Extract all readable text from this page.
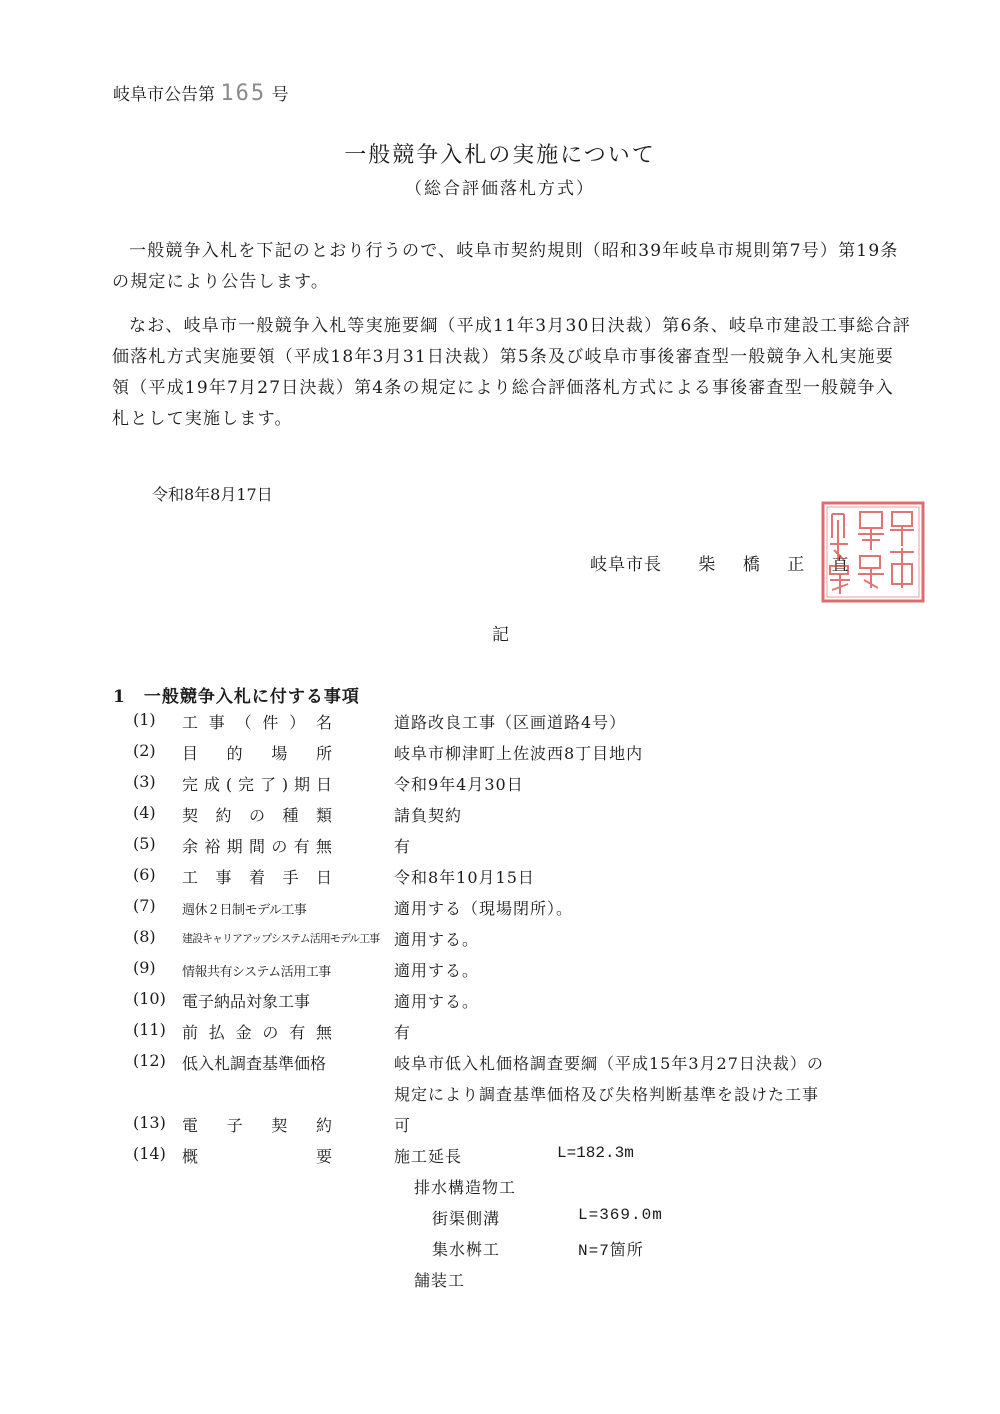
岐阜市公告第 165 号
一般競争入札の実施について
（総合評価落札方式）
一般競争入札を下記のとおり行うので、岐阜市契約規則（昭和39年岐阜市規則第7号）第19条の規定により公告します。
なお、岐阜市一般競争入札等実施要綱（平成11年3月30日決裁）第6条、岐阜市建設工事総合評価落札方式実施要領（平成18年3月31日決裁）第5条及び岐阜市事後審査型一般競争入札実施要領（平成19年7月27日決裁）第4条の規定により総合評価落札方式による事後審査型一般競争入札として実施します。
令和8年8月17日
岐阜市長 柴 橋 正 直
記
1　一般競争入札に付する事項
(1) 工事（件）名	道路改良工事（区画道路4号）
(2) 目的場所	岐阜市柳津町上佐波西8丁目地内
(3) 完成(完了)期日	令和9年4月30日
(4) 契約の種類	請負契約
(5) 余裕期間の有無	有
(6) 工事着手日	令和8年10月15日
(7) 週休２日制モデル工事	適用する（現場閉所）。
(8) 建設キャリアアップシステム活用モデル工事 適用する。
(9) 情報共有システム活用工事	適用する。
(10) 電子納品対象工事	適用する。
(11) 前払金の有無	有
(12) 低入札調査基準価格	岐阜市低入札価格調査要綱（平成15年3月27日決裁）の
規定により調査基準価格及び失格判断基準を設けた工事
(13) 電子契約	可
(14) 概要	施工延長	L=182.3m
排水構造物工
街渠側溝	L=369.0m
集水桝工	N=7箇所
舗装工
